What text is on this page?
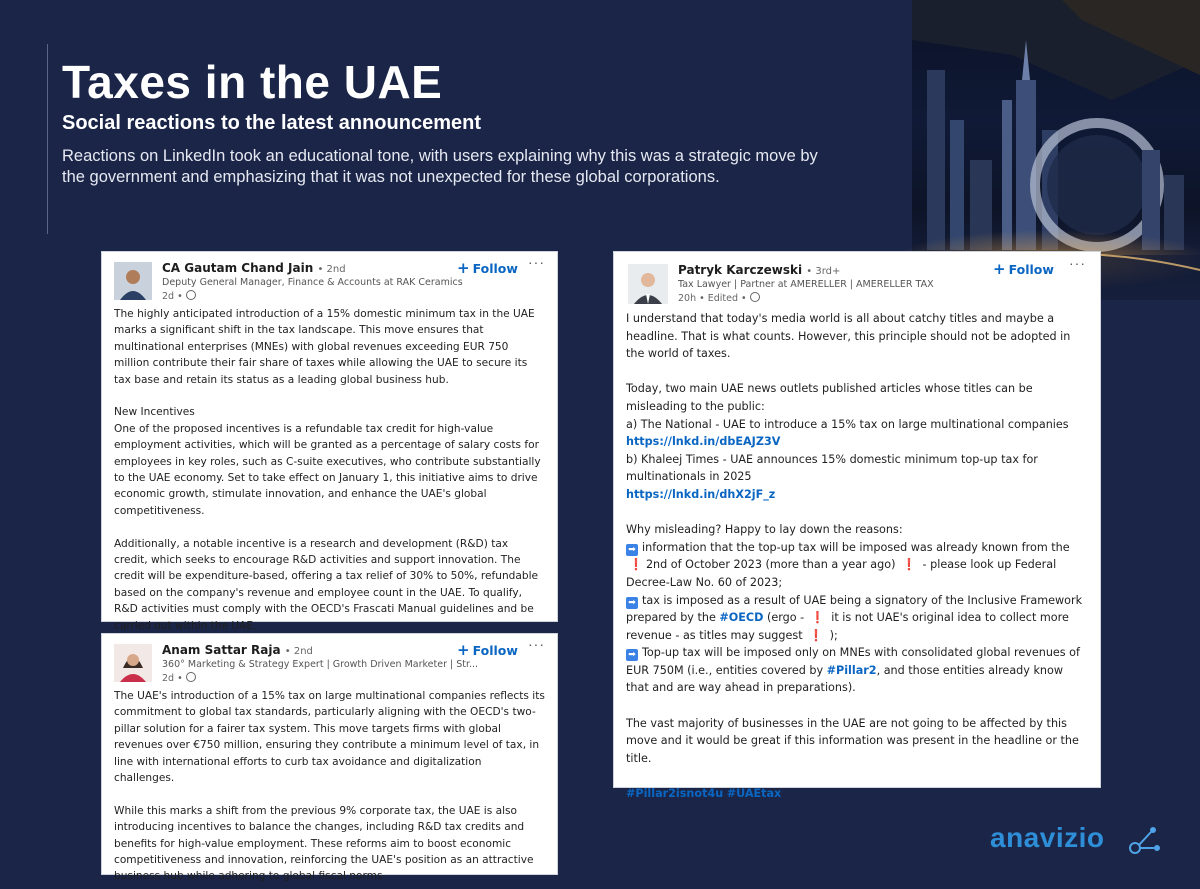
Taxes in the UAE
Social reactions to the latest announcement

Reactions on LinkedIn took an educational tone, with users explaining why this was a strategic move by the government and emphasizing that it was not unexpected for these global corporations.

CA Gautam Chand Jain • 2nd
Deputy General Manager, Finance & Accounts at RAK Ceramics
2d •
+ Follow ···

The highly anticipated introduction of a 15% domestic minimum tax in the UAE marks a significant shift in the tax landscape. This move ensures that multinational enterprises (MNEs) with global revenues exceeding EUR 750 million contribute their fair share of taxes while allowing the UAE to secure its tax base and retain its status as a leading global business hub.

New Incentives

One of the proposed incentives is a refundable tax credit for high-value employment activities, which will be granted as a percentage of salary costs for employees in key roles, such as C-suite executives, who contribute substantially to the UAE economy. Set to take effect on January 1, this initiative aims to drive economic growth, stimulate innovation, and enhance the UAE's global competitiveness.

Additionally, a notable incentive is a research and development (R&D) tax credit, which seeks to encourage R&D activities and support innovation. The credit will be expenditure-based, offering a tax relief of 30% to 50%, refundable based on the company's revenue and employee count in the UAE. To qualify, R&D activities must comply with the OECD's Frascati Manual guidelines and be carried out within the UAE.

Anam Sattar Raja • 2nd
360° Marketing & Strategy Expert | Growth Driven Marketer | Str...
2d •
+ Follow ···

The UAE's introduction of a 15% tax on large multinational companies reflects its commitment to global tax standards, particularly aligning with the OECD's two-pillar solution for a fairer tax system. This move targets firms with global revenues over €750 million, ensuring they contribute a minimum level of tax, in line with international efforts to curb tax avoidance and digitalization challenges.

While this marks a shift from the previous 9% corporate tax, the UAE is also introducing incentives to balance the changes, including R&D tax credits and benefits for high-value employment. These reforms aim to boost economic competitiveness and innovation, reinforcing the UAE's position as an attractive business hub while adhering to global fiscal norms.

Patryk Karczewski • 3rd+
Tax Lawyer | Partner at AMERELLER | AMERELLER TAX
20h • Edited •
+ Follow ···

I understand that today's media world is all about catchy titles and maybe a headline. That is what counts. However, this principle should not be adopted in the world of taxes.

Today, two main UAE news outlets published articles whose titles can be misleading to the public:

a) The National - UAE to introduce a 15% tax on large multinational companies

https://lnkd.in/dbEAJZ3V

b) Khaleej Times - UAE announces 15% domestic minimum top-up tax for multinationals in 2025

https://lnkd.in/dhX2jF_z

Why misleading? Happy to lay down the reasons:

➡ information that the top-up tax will be imposed was already known from the ❗ 2nd of October 2023 (more than a year ago) ❗ - please look up Federal Decree-Law No. 60 of 2023;

➡ tax is imposed as a result of UAE being a signatory of the Inclusive Framework prepared by the #OECD (ergo - ❗ it is not UAE's original idea to collect more revenue - as titles may suggest ❗ );

➡ Top-up tax will be imposed only on MNEs with consolidated global revenues of EUR 750M (i.e., entities covered by #Pillar2, and those entities already know that and are way ahead in preparations).

The vast majority of businesses in the UAE are not going to be affected by this move and it would be great if this information was present in the headline or the title.

#Pillar2isnot4u #UAEtax

anavizio
